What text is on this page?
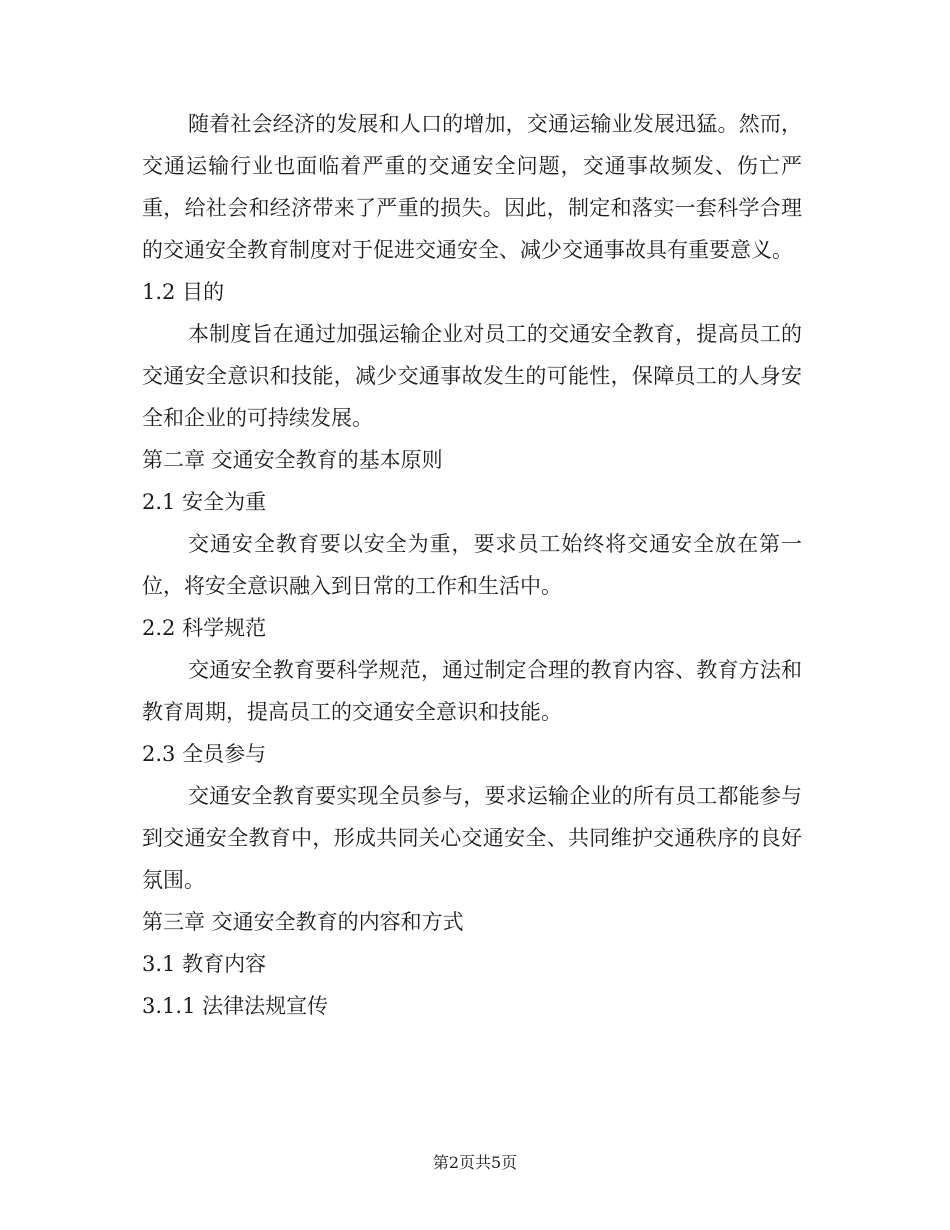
随着社会经济的发展和人口的增加，交通运输业发展迅猛。然而，交通运输行业也面临着严重的交通安全问题，交通事故频发、伤亡严重，给社会和经济带来了严重的损失。因此，制定和落实一套科学合理的交通安全教育制度对于促进交通安全、减少交通事故具有重要意义。

1.2 目的

本制度旨在通过加强运输企业对员工的交通安全教育，提高员工的交通安全意识和技能，减少交通事故发生的可能性，保障员工的人身安全和企业的可持续发展。

第二章 交通安全教育的基本原则

2.1 安全为重

交通安全教育要以安全为重，要求员工始终将交通安全放在第一位，将安全意识融入到日常的工作和生活中。

2.2 科学规范

交通安全教育要科学规范，通过制定合理的教育内容、教育方法和教育周期，提高员工的交通安全意识和技能。

2.3 全员参与

交通安全教育要实现全员参与，要求运输企业的所有员工都能参与到交通安全教育中，形成共同关心交通安全、共同维护交通秩序的良好氛围。

第三章 交通安全教育的内容和方式

3.1 教育内容

3.1.1 法律法规宣传

第2页共5页
